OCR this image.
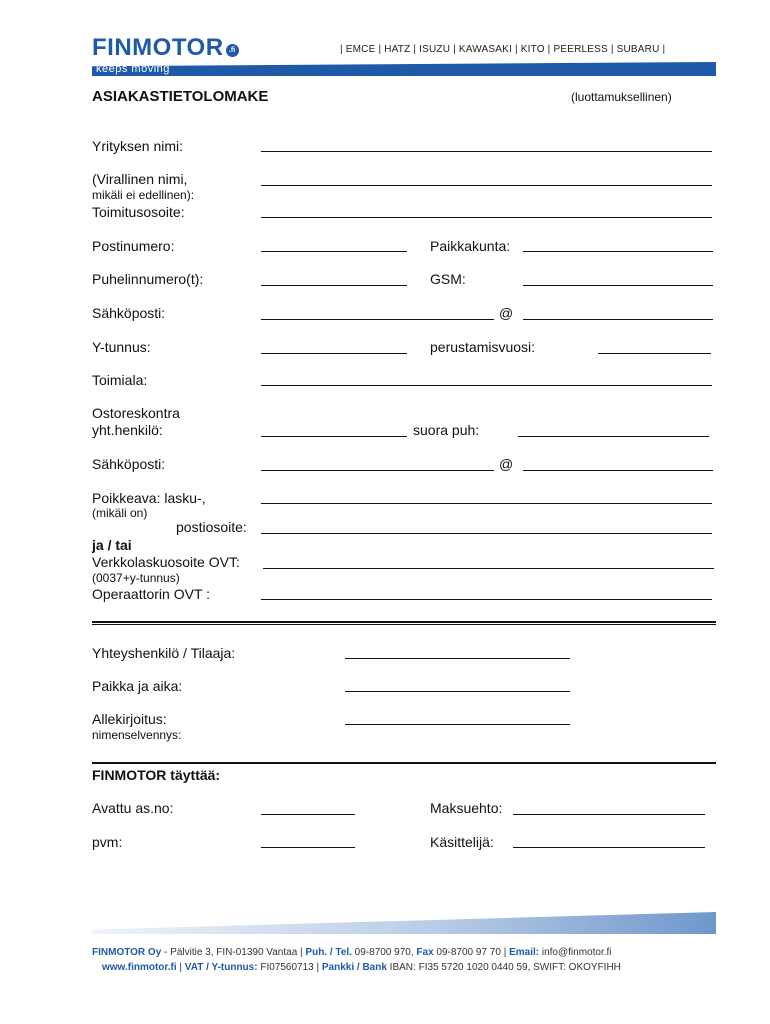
FINMOTOR .fi	| EMCE | HATZ | ISUZU | KAWASAKI | KITO | PEERLESS | SUBARU |
keeps moving
ASIAKASTIETOLOMAKE	(luottamuksellinen)
Yrityksen nimi:
(Virallinen nimi,
mikäli ei edellinen):
Toimitusosoite:
Postinumero:	Paikkakunta:
Puhelinnumero(t):	GSM:
Sähköposti:	@
Y-tunnus:	perustamisvuosi:
Toimiala:
Ostoreskontra
yht.henkilö:	suora puh:
Sähköposti:	@
Poikkeava: lasku-,
(mikäli on)
postiosoite:
ja / tai
Verkkolaskuosoite OVT:
(0037+y-tunnus)
Operaattorin OVT :
Yhteyshenkilö / Tilaaja:
Paikka ja aika:
Allekirjoitus:
nimenselvennys:
FINMOTOR täyttää:
Avattu as.no:	Maksuehto:
pvm:	Käsittelijä:
FINMOTOR Oy - Pälvitie 3, FIN-01390 Vantaa | Puh. / Tel. 09-8700 970, Fax 09-8700 97 70 | Email: info@finmotor.fi
www.finmotor.fi | VAT / Y-tunnus: FI07560713 | Pankki / Bank IBAN: FI35 5720 1020 0440 59, SWIFT: OKOYFIHH
